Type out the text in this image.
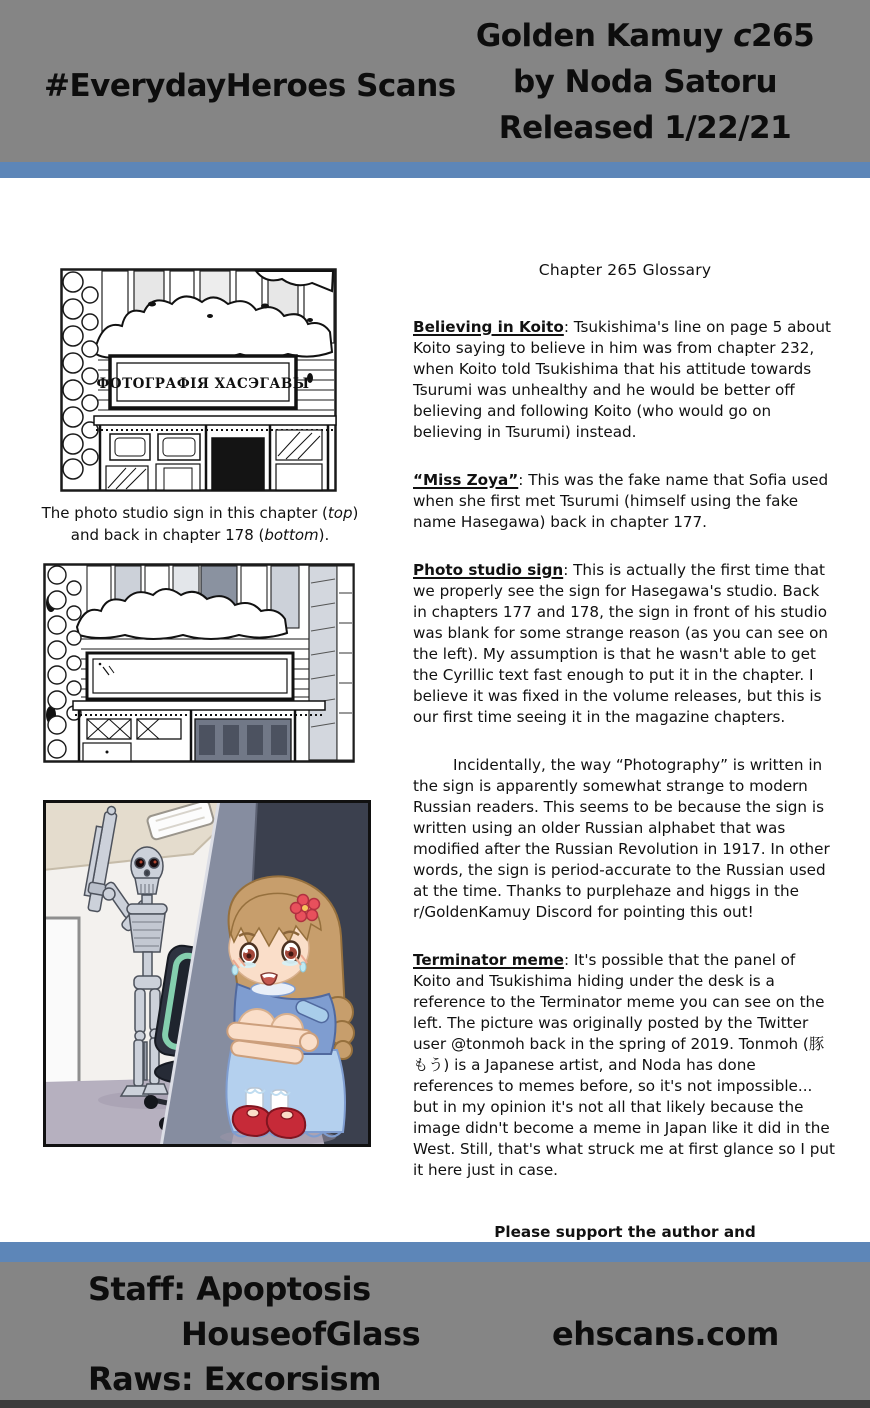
#EverydayHeroes Scans
Golden Kamuy c265
by Noda Satoru
Released 1/22/21
ФОТОГРАФІЯ ХАСЭГАВЫ
The photo studio sign in this chapter (top)
and back in chapter 178 (bottom).
Chapter 265 Glossary

Believing in Koito: Tsukishima's line on page 5 about Koito saying to believe in him was from chapter 232, when Koito told Tsukishima that his attitude towards Tsurumi was unhealthy and he would be better off believing and following Koito (who would go on believing in Tsurumi) instead.

“Miss Zoya”: This was the fake name that Sofia used when she first met Tsurumi (himself using the fake name Hasegawa) back in chapter 177.

Photo studio sign: This is actually the first time that we properly see the sign for Hasegawa's studio. Back in chapters 177 and 178, the sign in front of his studio was blank for some strange reason (as you can see on the left). My assumption is that he wasn't able to get the Cyrillic text fast enough to put it in the chapter. I believe it was fixed in the volume releases, but this is our first time seeing it in the magazine chapters.

Incidentally, the way “Photography” is written in the sign is apparently somewhat strange to modern Russian readers. This seems to be because the sign is written using an older Russian alphabet that was modified after the Russian Revolution in 1917. In other words, the sign is period-accurate to the Russian used at the time. Thanks to purplehaze and higgs in the r/GoldenKamuy Discord for pointing this out!

Terminator meme: It's possible that the panel of Koito and Tsukishima hiding under the desk is a reference to the Terminator meme you can see on the left. The picture was originally posted by the Twitter user @tonmoh back in the spring of 2019. Tonmoh (豚もう) is a Japanese artist, and Noda has done references to memes before, so it's not impossible... but in my opinion it's not all that likely because the image didn't become a meme in Japan like it did in the West. Still, that's what struck me at first glance so I put it here just in case.

Please support the author and
Staff: Apoptosis
HouseofGlass
Raws: Excorsism
ehscans.com
